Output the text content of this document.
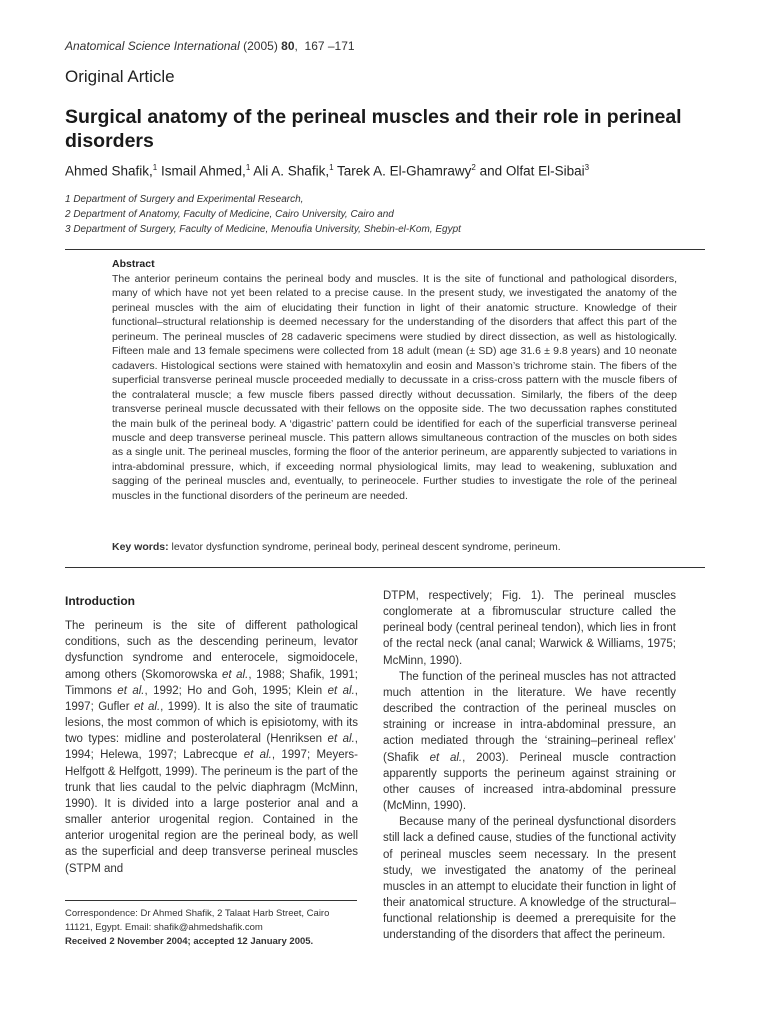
Anatomical Science International (2005) 80,  167 –171
Original Article
Surgical anatomy of the perineal muscles and their role in perineal disorders
Ahmed Shafik,$^1$ Ismail Ahmed,$^1$ Ali A. Shafik,$^1$ Tarek A. El-Ghamrawy$^2$ and Olfat El-Sibai$^3$
1 Department of Surgery and Experimental Research,
2 Department of Anatomy, Faculty of Medicine, Cairo University, Cairo and
3 Department of Surgery, Faculty of Medicine, Menoufia University, Shebin-el-Kom, Egypt
Abstract

The anterior perineum contains the perineal body and muscles. It is the site of functional and pathological disorders, many of which have not yet been related to a precise cause. In the present study, we investigated the anatomy of the perineal muscles with the aim of elucidating their function in light of their anatomic structure. Knowledge of their functional–structural relationship is deemed necessary for the understanding of the disorders that affect this part of the perineum. The perineal muscles of 28 cadaveric specimens were studied by direct dissection, as well as histologically. Fifteen male and 13 female specimens were collected from 18 adult (mean (± SD) age 31.6 ± 9.8 years) and 10 neonate cadavers. Histological sections were stained with hematoxylin and eosin and Masson’s trichrome stain. The fibers of the superficial transverse perineal muscle proceeded medially to decussate in a criss-cross pattern with the muscle fibers of the contralateral muscle; a few muscle fibers passed directly without decussation. Similarly, the fibers of the deep transverse perineal muscle decussated with their fellows on the opposite side. The two decussation raphes constituted the main bulk of the perineal body. A ‘digastric’ pattern could be identified for each of the superficial transverse perineal muscle and deep transverse perineal muscle. This pattern allows simultaneous contraction of the muscles on both sides as a single unit. The perineal muscles, forming the floor of the anterior perineum, are apparently subjected to variations in intra-abdominal pressure, which, if exceeding normal physiological limits, may lead to weakening, subluxation and sagging of the perineal muscles and, eventually, to perineocele. Further studies to investigate the role of the perineal muscles in the functional disorders of the perineum are needed.

Key words: levator dysfunction syndrome, perineal body, perineal descent syndrome, perineum.
Introduction

The perineum is the site of different pathological conditions, such as the descending perineum, levator dysfunction syndrome and enterocele, sigmoidocele, among others (Skomorowska et al., 1988; Shafik, 1991; Timmons et al., 1992; Ho and Goh, 1995; Klein et al., 1997; Gufler et al., 1999). It is also the site of traumatic lesions, the most common of which is episiotomy, with its two types: midline and posterolateral (Henriksen et al., 1994; Helewa, 1997; Labrecque et al., 1997; Meyers-Helfgott & Helfgott, 1999). The perineum is the part of the trunk that lies caudal to the pelvic diaphragm (McMinn, 1990). It is divided into a large posterior anal and a smaller anterior urogenital region. Contained in the anterior urogenital region are the perineal body, as well as the superficial and deep transverse perineal muscles (STPM and

Correspondence: Dr Ahmed Shafik, 2 Talaat Harb Street, Cairo 11121, Egypt. Email: shafik@ahmedshafik.com
Received 2 November 2004; accepted 12 January 2005.

DTPM, respectively; Fig. 1). The perineal muscles conglomerate at a fibromuscular structure called the perineal body (central perineal tendon), which lies in front of the rectal neck (anal canal; Warwick & Williams, 1975; McMinn, 1990).

The function of the perineal muscles has not attracted much attention in the literature. We have recently described the contraction of the perineal muscles on straining or increase in intra-abdominal pressure, an action mediated through the ‘straining–perineal reflex’ (Shafik et al., 2003). Perineal muscle contraction apparently supports the perineum against straining or other causes of increased intra-abdominal pressure (McMinn, 1990).

Because many of the perineal dysfunctional disorders still lack a defined cause, studies of the functional activity of perineal muscles seem necessary. In the present study, we investigated the anatomy of the perineal muscles in an attempt to elucidate their function in light of their anatomical structure. A knowledge of the structural–functional relationship is deemed a prerequisite for the understanding of the disorders that affect the perineum.
